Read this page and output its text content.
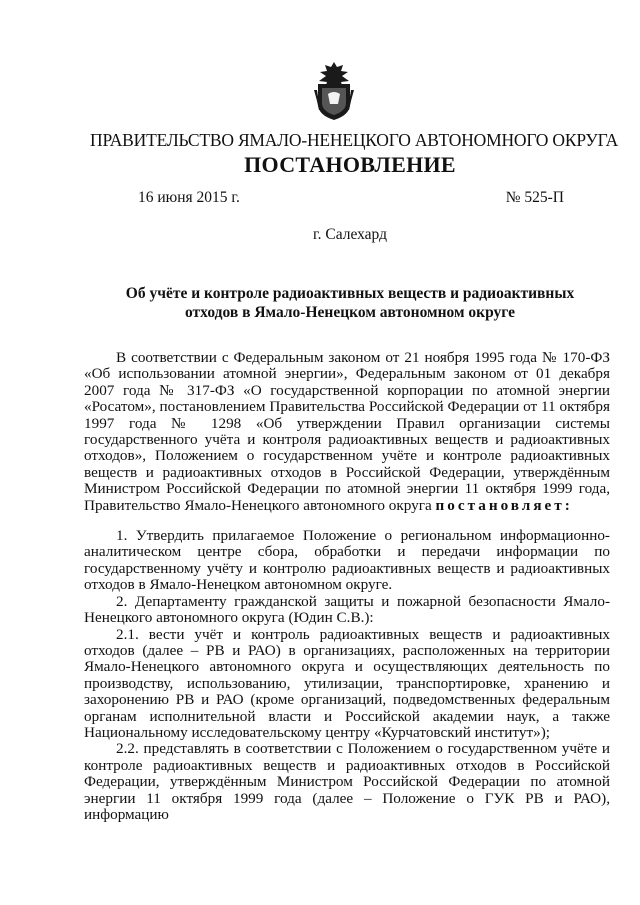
ПРАВИТЕЛЬСТВО ЯМАЛО-НЕНЕЦКОГО АВТОНОМНОГО ОКРУГА
ПОСТАНОВЛЕНИЕ
16 июня 2015 г.	№ 525-П
г. Салехард
Об учёте и контроле радиоактивных веществ и радиоактивных
отходов в Ямало-Ненецком автономном округе
В соответствии с Федеральным законом от 21 ноября 1995 года № 170-ФЗ
«Об использовании атомной энергии», Федеральным законом от 01 декабря
2007 года № 317-ФЗ «О государственной корпорации по атомной энергии
«Росатом», постановлением Правительства Российской Федерации от 11 октября
1997 года № 1298 «Об утверждении Правил организации системы
государственного учёта и контроля радиоактивных веществ и радиоактивных
отходов», Положением о государственном учёте и контроле радиоактивных
веществ и радиоактивных отходов в Российской Федерации, утверждённым
Министром Российской Федерации по атомной энергии 11 октября 1999 года,
Правительство Ямало-Ненецкого автономного округа постановляет:
1. Утвердить прилагаемое Положение о региональном информационно-
аналитическом центре сбора, обработки и передачи информации по
государственному учёту и контролю радиоактивных веществ и радиоактивных
отходов в Ямало-Ненецком автономном округе.
2. Департаменту гражданской защиты и пожарной безопасности Ямало-
Ненецкого автономного округа (Юдин С.В.):
2.1. вести учёт и контроль радиоактивных веществ и радиоактивных
отходов (далее – РВ и РАО) в организациях, расположенных на территории
Ямало-Ненецкого автономного округа и осуществляющих деятельность по
производству, использованию, утилизации, транспортировке, хранению и
захоронению РВ и РАО (кроме организаций, подведомственных федеральным
органам исполнительной власти и Российской академии наук, а также
Национальному исследовательскому центру «Курчатовский институт»);
2.2. представлять в соответствии с Положением о государственном учёте и
контроле радиоактивных веществ и радиоактивных отходов в Российской
Федерации, утверждённым Министром Российской Федерации по атомной
энергии 11 октября 1999 года (далее – Положение о ГУК РВ и РАО), информацию
